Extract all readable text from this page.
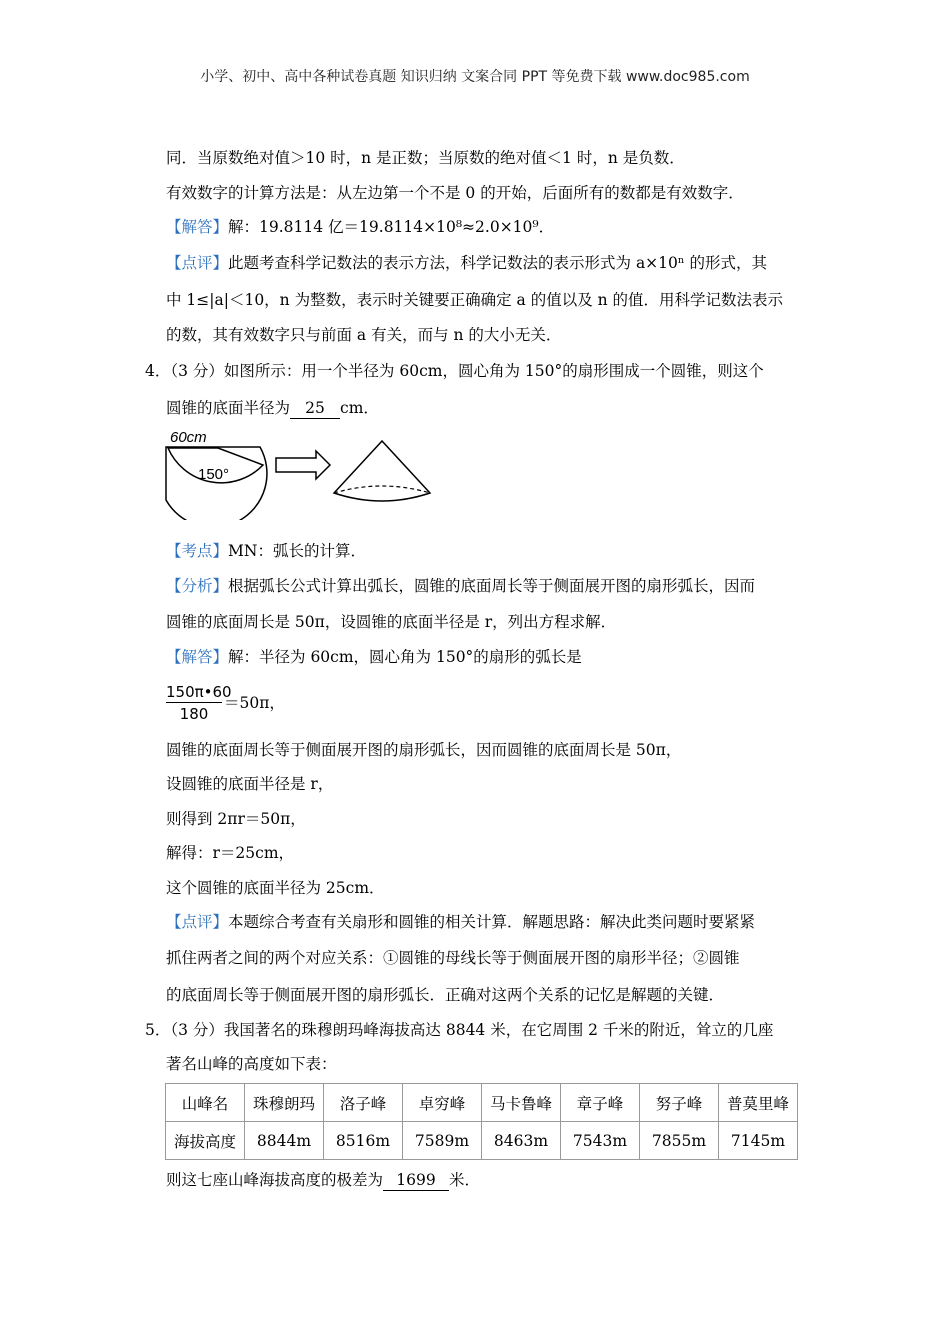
小学、初中、高中各种试卷真题 知识归纳 文案合同 PPT 等免费下载 www.doc985.com
同．当原数绝对值＞10 时，n 是正数；当原数的绝对值＜1 时，n 是负数．
有效数字的计算方法是：从左边第一个不是 0 的开始，后面所有的数都是有效数字．
【解答】解：19.8114 亿＝19.8114×10⁸≈2.0×10⁹．
【点评】此题考查科学记数法的表示方法，科学记数法的表示形式为 a×10ⁿ 的形式，其
中 1≤|a|＜10，n 为整数，表示时关键要正确确定 a 的值以及 n 的值．用科学记数法表示
的数，其有效数字只与前面 a 有关，而与 n 的大小无关．
4．（3 分）如图所示：用一个半径为 60cm，圆心角为 150°的扇形围成一个圆锥，则这个
圆锥的底面半径为 25 cm．
60cm
150°
【考点】MN：弧长的计算．
【分析】根据弧长公式计算出弧长，圆锥的底面周长等于侧面展开图的扇形弧长，因而
圆锥的底面周长是 50π，设圆锥的底面半径是 r，列出方程求解．
【解答】解：半径为 60cm，圆心角为 150°的扇形的弧长是
$\frac{150\pi•60}{180} =50\pi$，
圆锥的底面周长等于侧面展开图的扇形弧长，因而圆锥的底面周长是 50π，
设圆锥的底面半径是 r，
则得到 2πr＝50π，
解得：r＝25cm，
这个圆锥的底面半径为 25cm．
【点评】本题综合考查有关扇形和圆锥的相关计算．解题思路：解决此类问题时要紧紧
抓住两者之间的两个对应关系：①圆锥的母线长等于侧面展开图的扇形半径；②圆锥
的底面周长等于侧面展开图的扇形弧长．正确对这两个关系的记忆是解题的关键．
5．（3 分）我国著名的珠穆朗玛峰海拔高达 8844 米，在它周围 2 千米的附近，耸立的几座
著名山峰的高度如下表：
山峰名	珠穆朗玛	洛子峰	卓穷峰	马卡鲁峰	章子峰	努子峰	普莫里峰
海拔高度	8844m	8516m	7589m	8463m	7543m	7855m	7145m
则这七座山峰海拔高度的极差为 1699 米．
